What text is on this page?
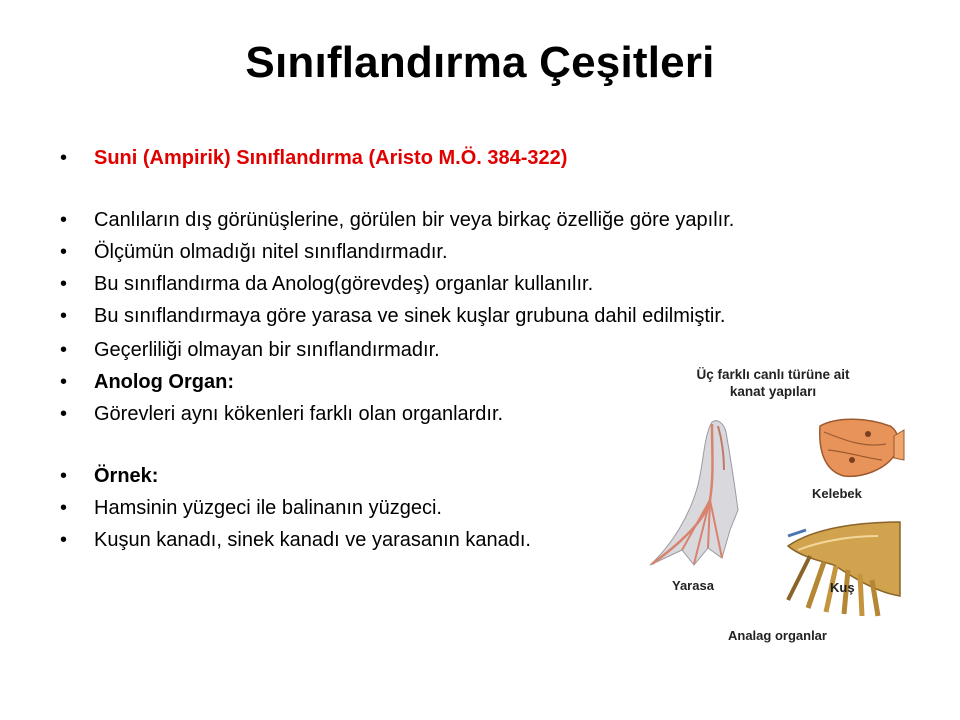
Sınıflandırma Çeşitleri
• Suni (Ampirik) Sınıflandırma (Aristo M.Ö. 384-322)
• Canlıların dış görünüşlerine, görülen bir veya birkaç özelliğe göre yapılır.
• Ölçümün olmadığı nitel sınıflandırmadır.
• Bu sınıflandırma da Anolog(görevdeş) organlar kullanılır.
• Bu sınıflandırmaya göre yarasa ve sinek kuşlar grubuna dahil edilmiştir.
• Geçerliliği olmayan bir sınıflandırmadır.
• Anolog Organ:
• Görevleri aynı kökenleri farklı olan organlardır.
• Örnek:
• Hamsinin yüzgeci ile balinanın yüzgeci.
• Kuşun kanadı, sinek kanadı ve yarasanın kanadı.
Üç farklı canlı türüne ait
kanat yapıları
Yarasa
Kelebek
Kuş
Analag organlar
